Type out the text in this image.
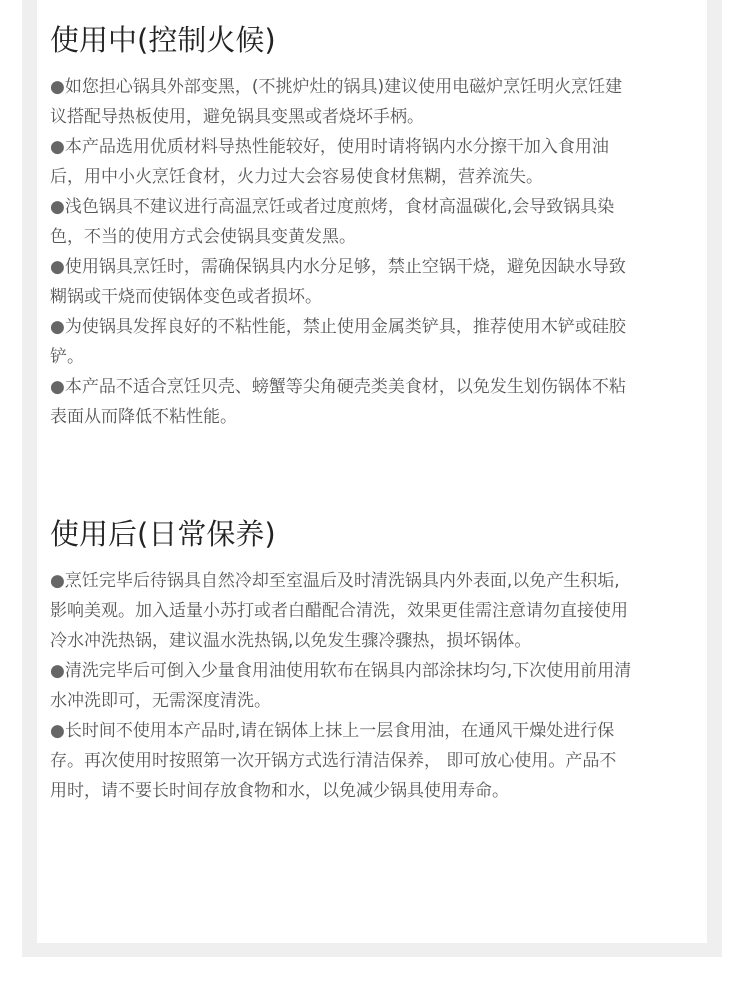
使用中(控制火候)

●如您担心锅具外部变黑，(不挑炉灶的锅具)建议使用电磁炉烹饪明火烹饪建议搭配导热板使用，避免锅具变黑或者烧坏手柄。

●本产品选用优质材料导热性能较好，使用时请将锅内水分擦干加入食用油后，用中小火烹饪食材，火力过大会容易使食材焦糊，营养流失。

●浅色锅具不建议进行高温烹饪或者过度煎烤，食材高温碳化,会导致锅具染色，不当的使用方式会使锅具变黄发黑。

●使用锅具烹饪时，需确保锅具内水分足够，禁止空锅干烧，避免因缺水导致糊锅或干烧而使锅体变色或者损坏。

●为使锅具发挥良好的不粘性能，禁止使用金属类铲具，推荐使用木铲或硅胶铲。

●本产品不适合烹饪贝壳、螃蟹等尖角硬壳类美食材，以免发生划伤锅体不粘表面从而降低不粘性能。

使用后(日常保养)

●烹饪完毕后待锅具自然冷却至室温后及时清洗锅具内外表面,以免产生积垢,影响美观。加入适量小苏打或者白醋配合清洗，效果更佳需注意请勿直接使用冷水冲洗热锅，建议温水洗热锅,以免发生骤冷骤热，损坏锅体。

●清洗完毕后可倒入少量食用油使用软布在锅具内部涂抹均匀,下次使用前用清水冲洗即可，无需深度清洗。

●长时间不使用本产品时,请在锅体上抹上一层食用油，在通风干燥处进行保存。再次使用时按照第一次开锅方式选行清洁保养， 即可放心使用。产品不用时，请不要长时间存放食物和水，以免减少锅具使用寿命。
